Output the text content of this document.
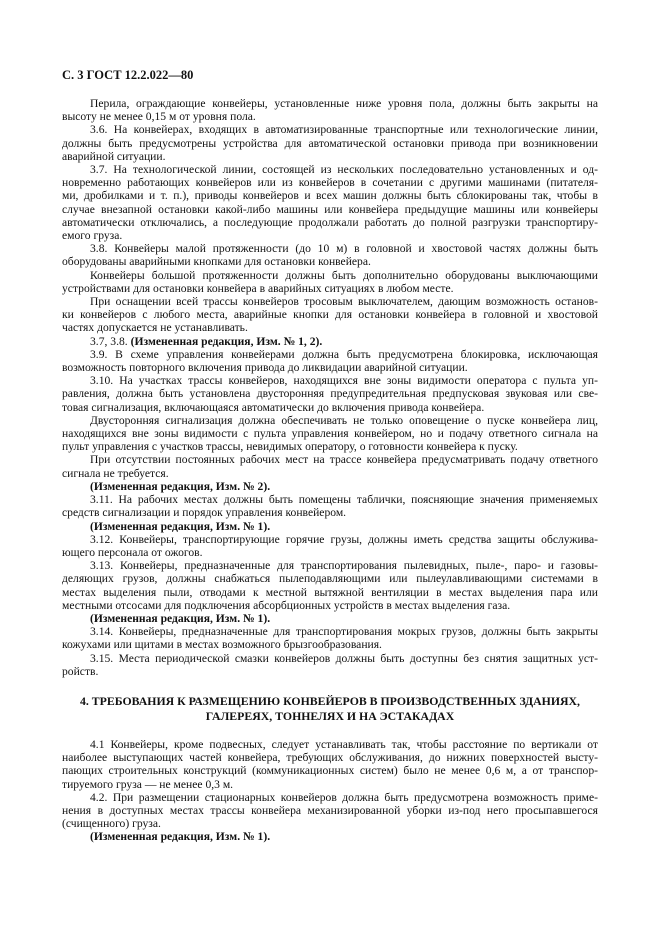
С. 3 ГОСТ 12.2.022—80
Перила, ограждающие конвейеры, установленные ниже уровня пола, должны быть закрыты на
высоту не менее 0,15 м от уровня пола.
3.6. На конвейерах, входящих в автоматизированные транспортные или технологические линии,
должны быть предусмотрены устройства для автоматической остановки привода при возникновении
аварийной ситуации.
3.7. На технологической линии, состоящей из нескольких последовательно установленных и од-
новременно работающих конвейеров или из конвейеров в сочетании с другими машинами (питателя-
ми, дробилками и т. п.), приводы конвейеров и всех машин должны быть сблокированы так, чтобы в
случае внезапной остановки какой-либо машины или конвейера предыдущие машины или конвейеры
автоматически отключались, а последующие продолжали работать до полной разгрузки транспортиру-
емого груза.
3.8. Конвейеры малой протяженности (до 10 м) в головной и хвостовой частях должны быть
оборудованы аварийными кнопками для остановки конвейера.
Конвейеры большой протяженности должны быть дополнительно оборудованы выключающими
устройствами для остановки конвейера в аварийных ситуациях в любом месте.
При оснащении всей трассы конвейеров тросовым выключателем, дающим возможность останов-
ки конвейеров с любого места, аварийные кнопки для остановки конвейера в головной и хвостовой
частях допускается не устанавливать.
3.7, 3.8. (Измененная редакция, Изм. № 1, 2).
3.9. В схеме управления конвейерами должна быть предусмотрена блокировка, исключающая
возможность повторного включения привода до ликвидации аварийной ситуации.
3.10. На участках трассы конвейеров, находящихся вне зоны видимости оператора с пульта уп-
равления, должна быть установлена двусторонняя предупредительная предпусковая звуковая или све-
товая сигнализация, включающаяся автоматически до включения привода конвейера.
Двусторонняя сигнализация должна обеспечивать не только оповещение о пуске конвейера лиц,
находящихся вне зоны видимости с пульта управления конвейером, но и подачу ответного сигнала на
пульт управления с участков трассы, невидимых оператору, о готовности конвейера к пуску.
При отсутствии постоянных рабочих мест на трассе конвейера предусматривать подачу ответного
сигнала не требуется.
(Измененная редакция, Изм. № 2).
3.11. На рабочих местах должны быть помещены таблички, поясняющие значения применяемых
средств сигнализации и порядок управления конвейером.
(Измененная редакция, Изм. № 1).
3.12. Конвейеры, транспортирующие горячие грузы, должны иметь средства защиты обслужива-
ющего персонала от ожогов.
3.13. Конвейеры, предназначенные для транспортирования пылевидных, пыле-, паро- и газовы-
деляющих грузов, должны снабжаться пылеподавляющими или пылеулавливающими системами в
местах выделения пыли, отводами к местной вытяжной вентиляции в местах выделения пара или
местными отсосами для подключения абсорбционных устройств в местах выделения газа.
(Измененная редакция, Изм. № 1).
3.14. Конвейеры, предназначенные для транспортирования мокрых грузов, должны быть закрыты
кожухами или щитами в местах возможного брызгообразования.
3.15. Места периодической смазки конвейеров должны быть доступны без снятия защитных уст-
ройств.
4. ТРЕБОВАНИЯ К РАЗМЕЩЕНИЮ КОНВЕЙЕРОВ В ПРОИЗВОДСТВЕННЫХ ЗДАНИЯХ,
ГАЛЕРЕЯХ, ТОННЕЛЯХ И НА ЭСТАКАДАХ
4.1 Конвейеры, кроме подвесных, следует устанавливать так, чтобы расстояние по вертикали от
наиболее выступающих частей конвейера, требующих обслуживания, до нижних поверхностей высту-
пающих строительных конструкций (коммуникационных систем) было не менее 0,6 м, а от транспор-
тируемого груза — не менее 0,3 м.
4.2. При размещении стационарных конвейеров должна быть предусмотрена возможность приме-
нения в доступных местах трассы конвейера механизированной уборки из-под него просыпавшегося
(счищенного) груза.
(Измененная редакция, Изм. № 1).
